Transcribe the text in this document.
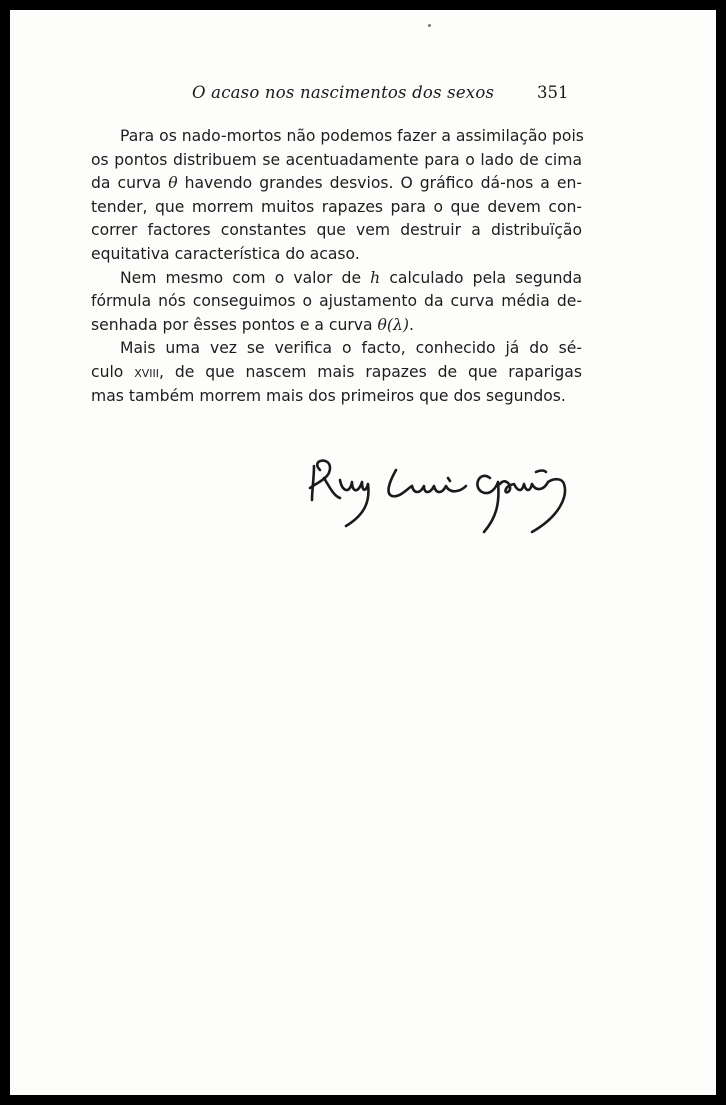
O acaso nos nascimentos dos sexos	351

Para os nado-mortos não podemos fazer a assimilação pois
os pontos distribuem se acentuadamente para o lado de cima
da curva θ havendo grandes desvios. O gráfico dá-nos a en-
tender, que morrem muitos rapazes para o que devem con-
correr factores constantes que vem destruir a distribuïção
equitativa característica do acaso.

Nem mesmo com o valor de h calculado pela segunda
fórmula nós conseguimos o ajustamento da curva média de-
senhada por êsses pontos e a curva θ(λ).

Mais uma vez se verifica o facto, conhecido já do sé-
culo xviii, de que nascem mais rapazes de que raparigas
mas também morrem mais dos primeiros que dos segundos.
